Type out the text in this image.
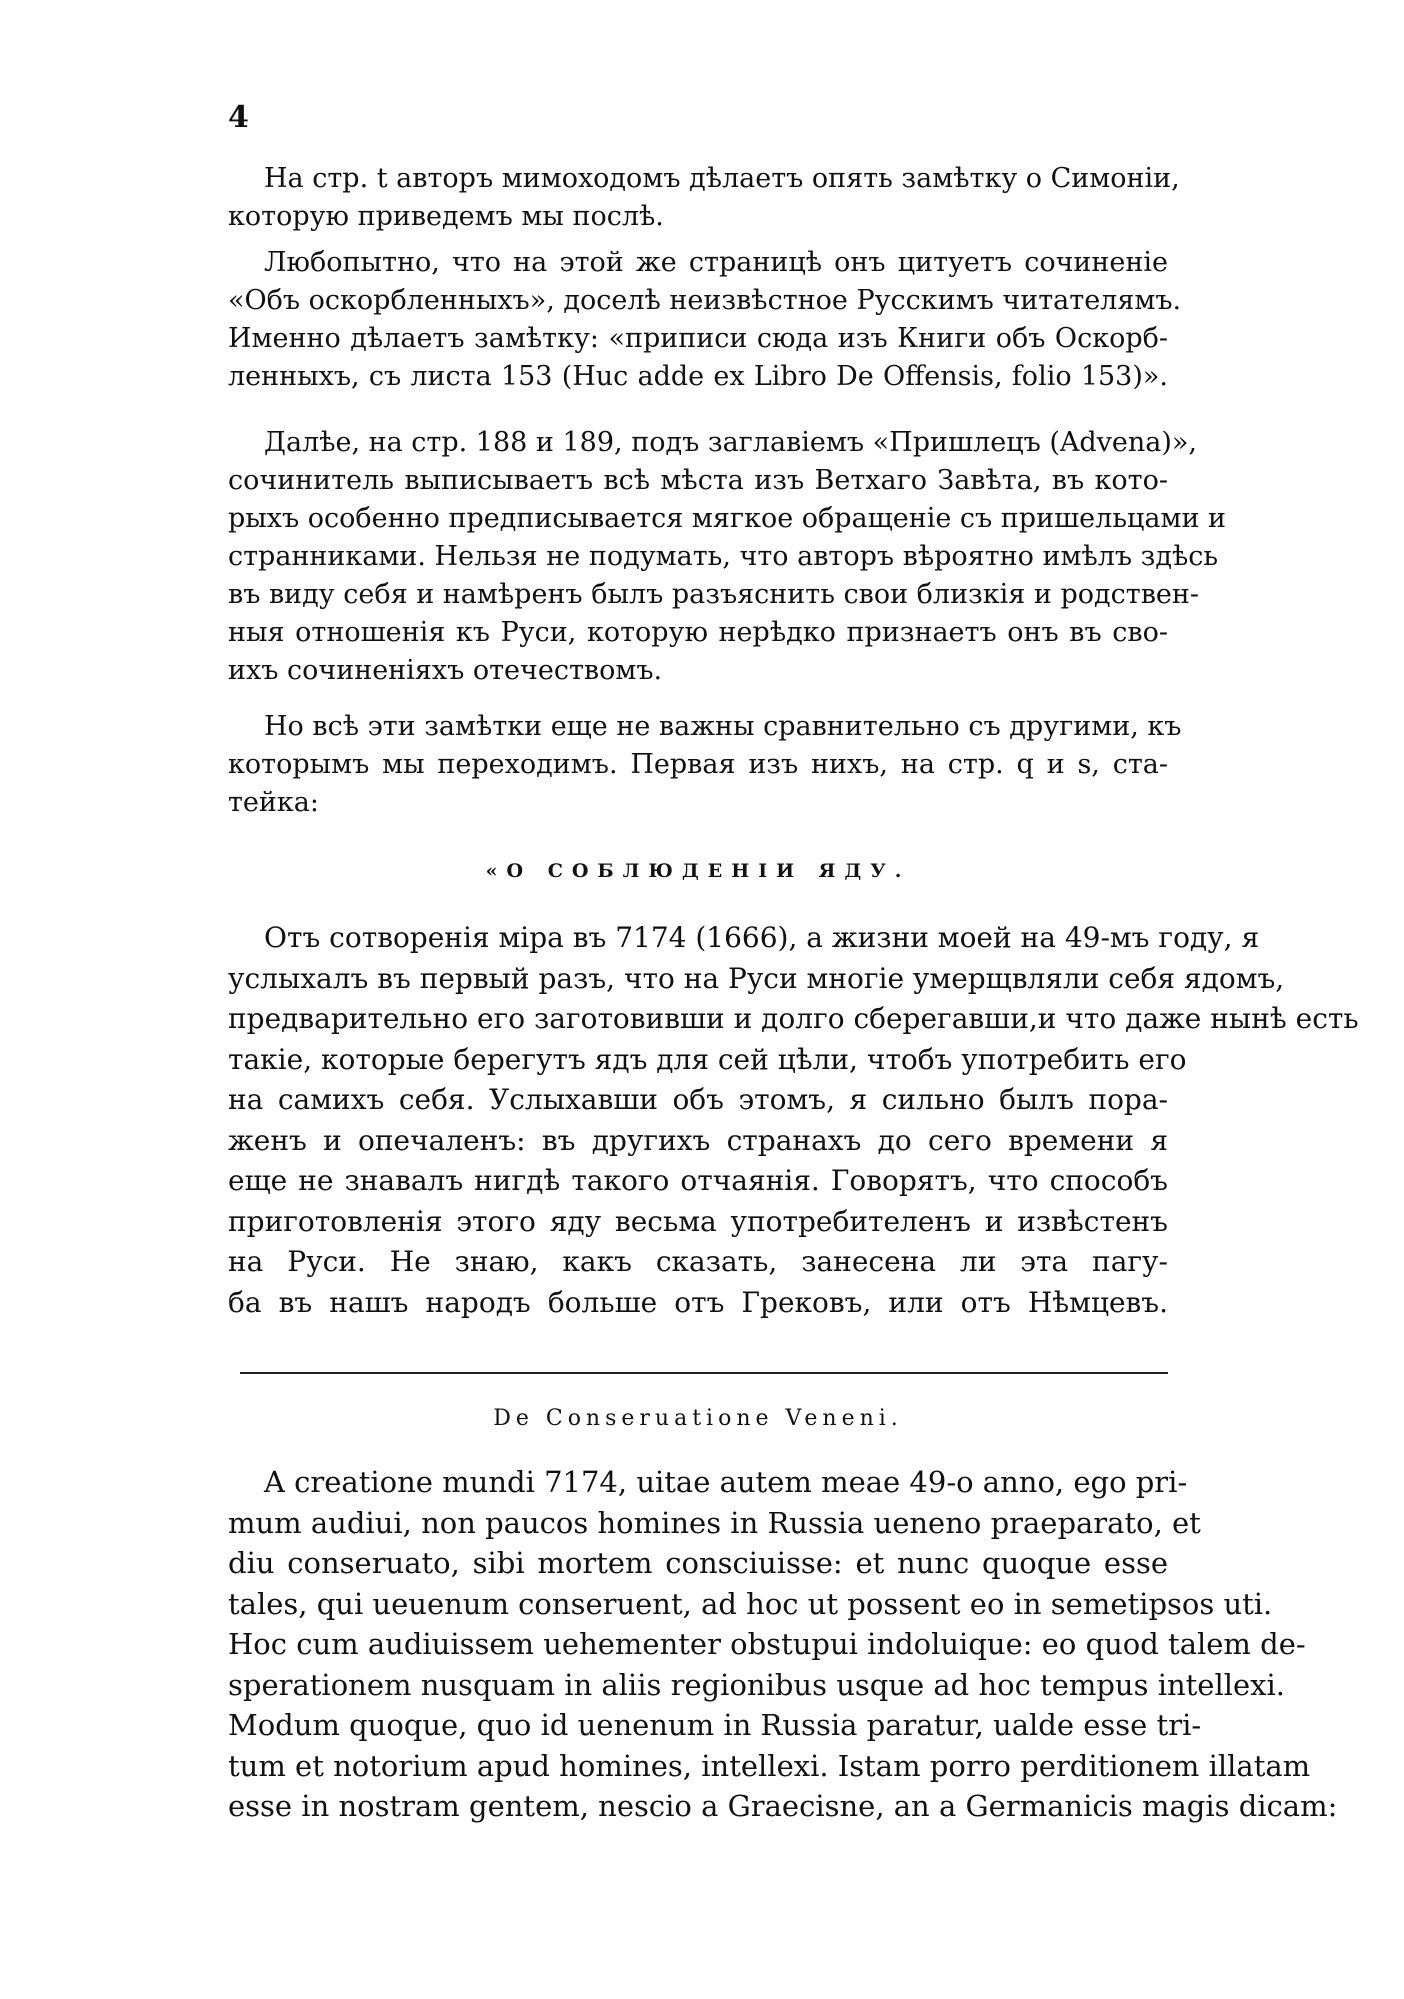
4
На стр. t авторъ мимоходомъ дѣлаетъ опять замѣтку о Симоніи,
которую приведемъ мы послѣ.
Любопытно, что на этой же страницѣ онъ цитуетъ сочиненіе
«Объ оскорбленныхъ», доселѣ неизвѣстное Русскимъ читателямъ.
Именно дѣлаетъ замѣтку: «приписи сюда изъ Книги объ Оскорб-
ленныхъ, съ листа 153 (Huc adde ex Libro De Offensis, folio 153)».
Далѣе, на стр. 188 и 189, подъ заглавіемъ «Пришлецъ (Advena)»,
сочинитель выписываетъ всѣ мѣста изъ Ветхаго Завѣта, въ кото-
рыхъ особенно предписывается мягкое обращеніе съ пришельцами и
странниками. Нельзя не подумать, что авторъ вѣроятно имѣлъ здѣсь
въ виду себя и намѣренъ былъ разъяснить свои близкія и родствен-
ныя отношенія къ Руси, которую нерѣдко признаетъ онъ въ сво-
ихъ сочиненіяхъ отечествомъ.
Но всѣ эти замѣтки еще не важны сравнительно съ другими, къ
которымъ мы переходимъ. Первая изъ нихъ, на стр. q и s, ста-
тейка:
«О СОБЛЮДЕНІИ ЯДУ.
Отъ сотворенія міра въ 7174 (1666), а жизни моей на 49-мъ году, я
услыхалъ въ первый разъ, что на Руси многіе умерщвляли себя ядомъ,
предварительно его заготовивши и долго сберегавши,и что даже нынѣ есть
такіе, которые берегутъ ядъ для сей цѣли, чтобъ употребить его
на самихъ себя. Услыхавши объ этомъ, я сильно былъ пора-
женъ и опечаленъ: въ другихъ странахъ до сего времени я
еще не знавалъ нигдѣ такого отчаянія. Говорятъ, что способъ
приготовленія этого яду весьма употребителенъ и извѣстенъ
на Руси. Не знаю, какъ сказать, занесена ли эта пагу-
ба въ нашъ народъ больше отъ Грековъ, или отъ Нѣмцевъ.
De Conseruatione Veneni.
A creatione mundi 7174, uitae autem meae 49-o anno, ego pri-
mum audiui, non paucos homines in Russia ueneno praeparato, et
diu conseruato, sibi mortem consciuisse: et nunc quoque esse
tales, qui ueuenum conseruent, ad hoc ut possent eo in semetipsos uti.
Hoc cum audiuissem uehementer obstupui indoluique: eo quod talem de-
sperationem nusquam in aliis regionibus usque ad hoc tempus intellexi.
Modum quoque, quo id uenenum in Russia paratur, ualde esse tri-
tum et notorium apud homines, intellexi. Istam porro perditionem illatam
esse in nostram gentem, nescio a Graecisne, an a Germanicis magis dicam:
